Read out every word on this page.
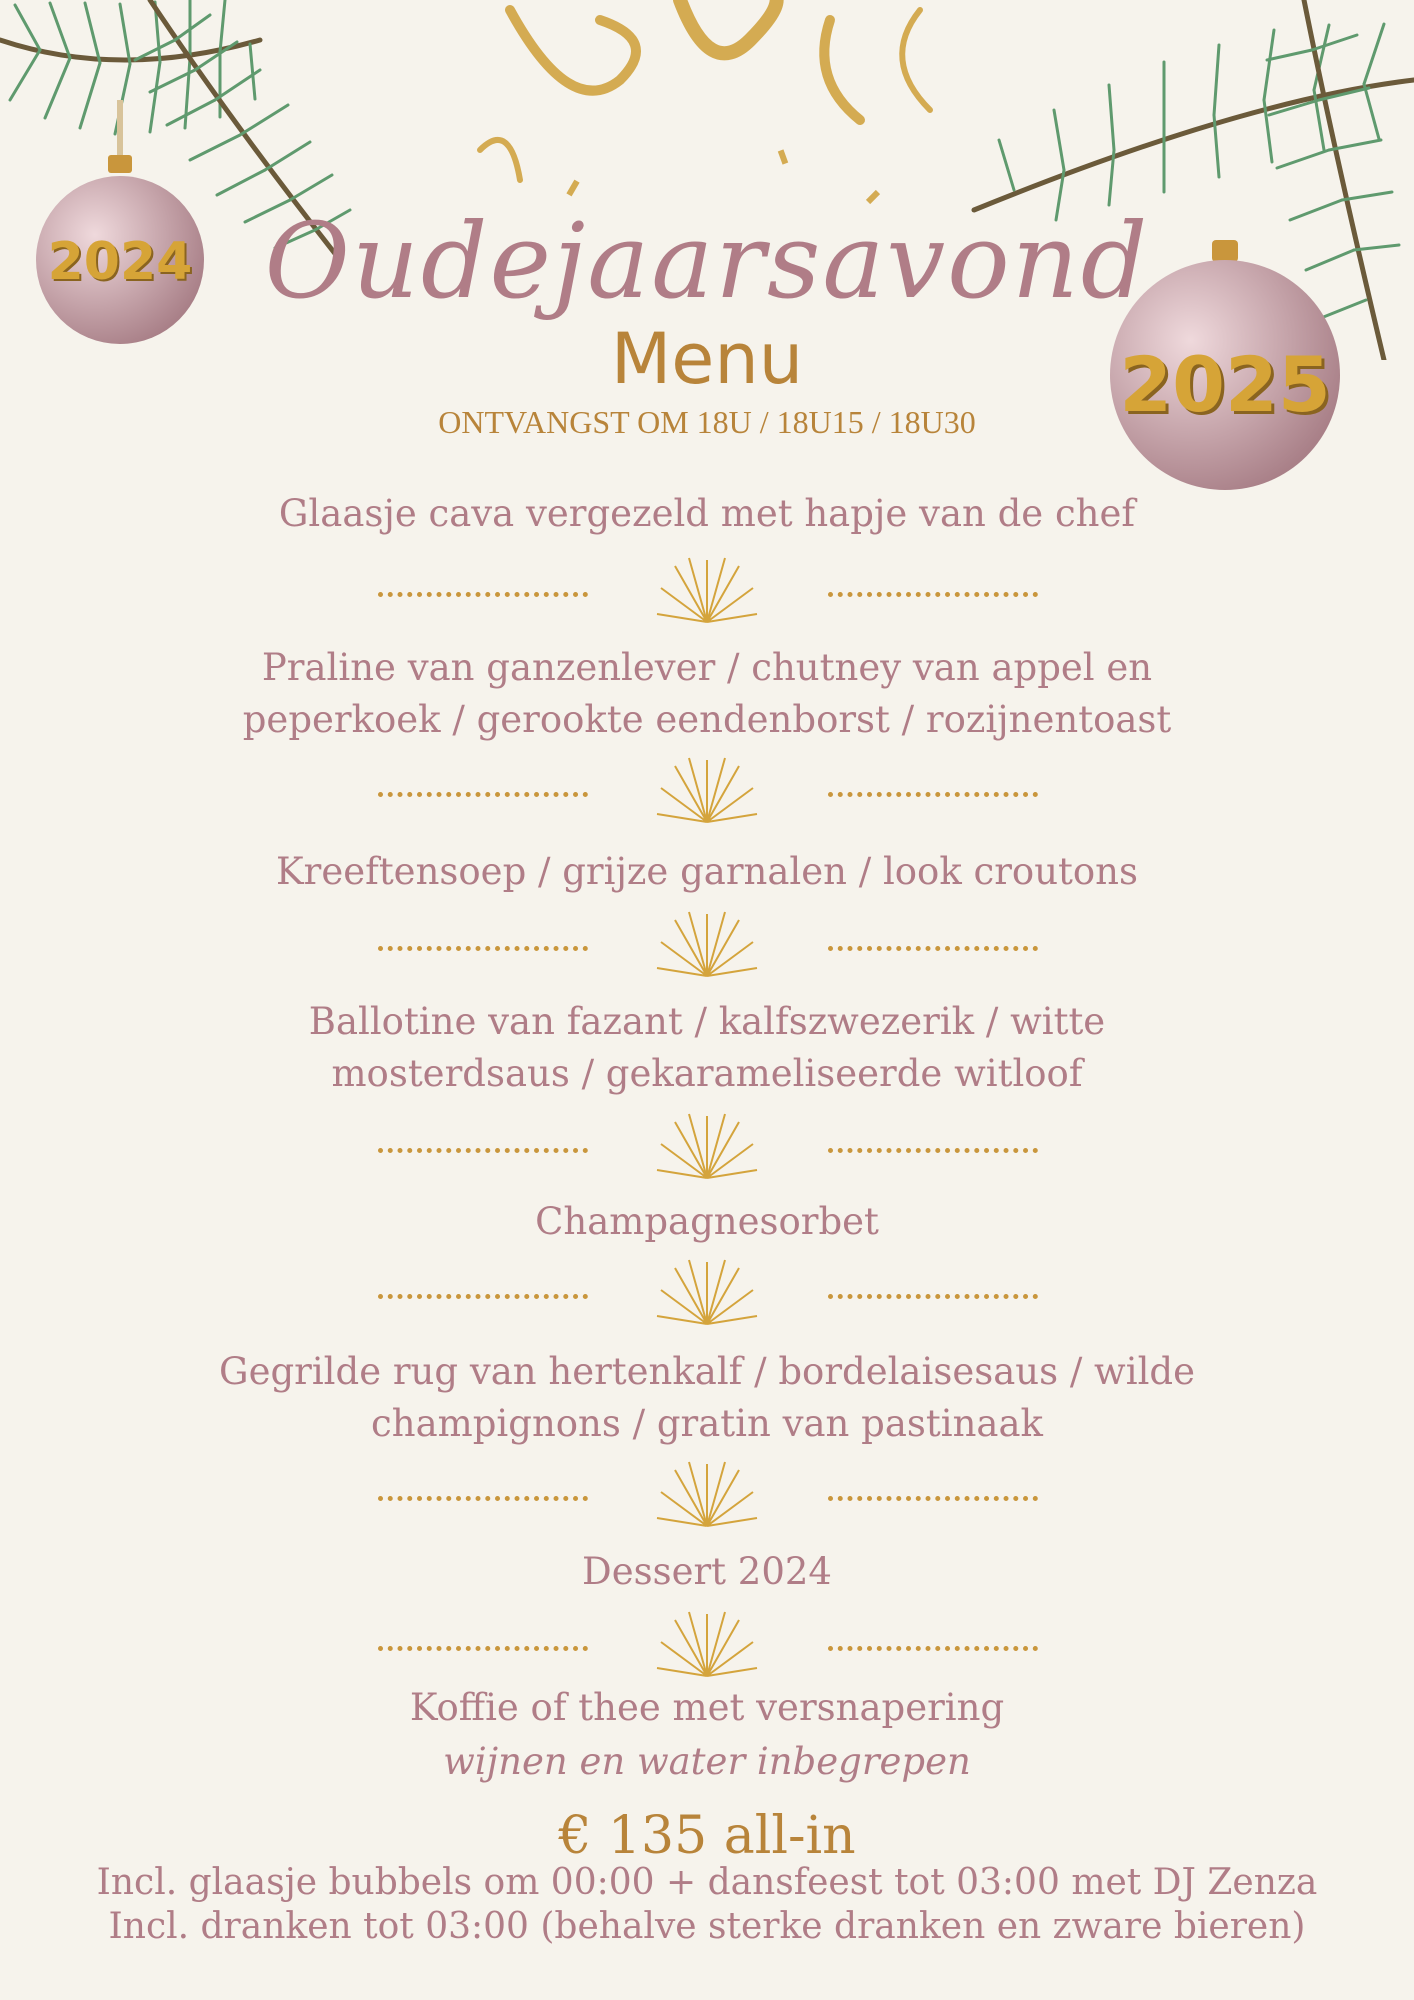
2024
2025
Oudejaarsavond
Menu
ONTVANGST OM 18U / 18U15 / 18U30
Glaasje cava vergezeld met hapje van de chef
Praline van ganzenlever / chutney van appel en
peperkoek / gerookte eendenborst / rozijnentoast
Kreeftensoep / grijze garnalen / look croutons
Ballotine van fazant / kalfszwezerik / witte
mosterdsaus / gekarameliseerde witloof
Champagnesorbet
Gegrilde rug van hertenkalf / bordelaisesaus / wilde
champignons / gratin van pastinaak
Dessert 2024
Koffie of thee met versnapering
wijnen en water inbegrepen
€ 135 all-in
Incl. glaasje bubbels om 00:00 + dansfeest tot 03:00 met DJ Zenza
Incl. dranken tot 03:00 (behalve sterke dranken en zware bieren)
